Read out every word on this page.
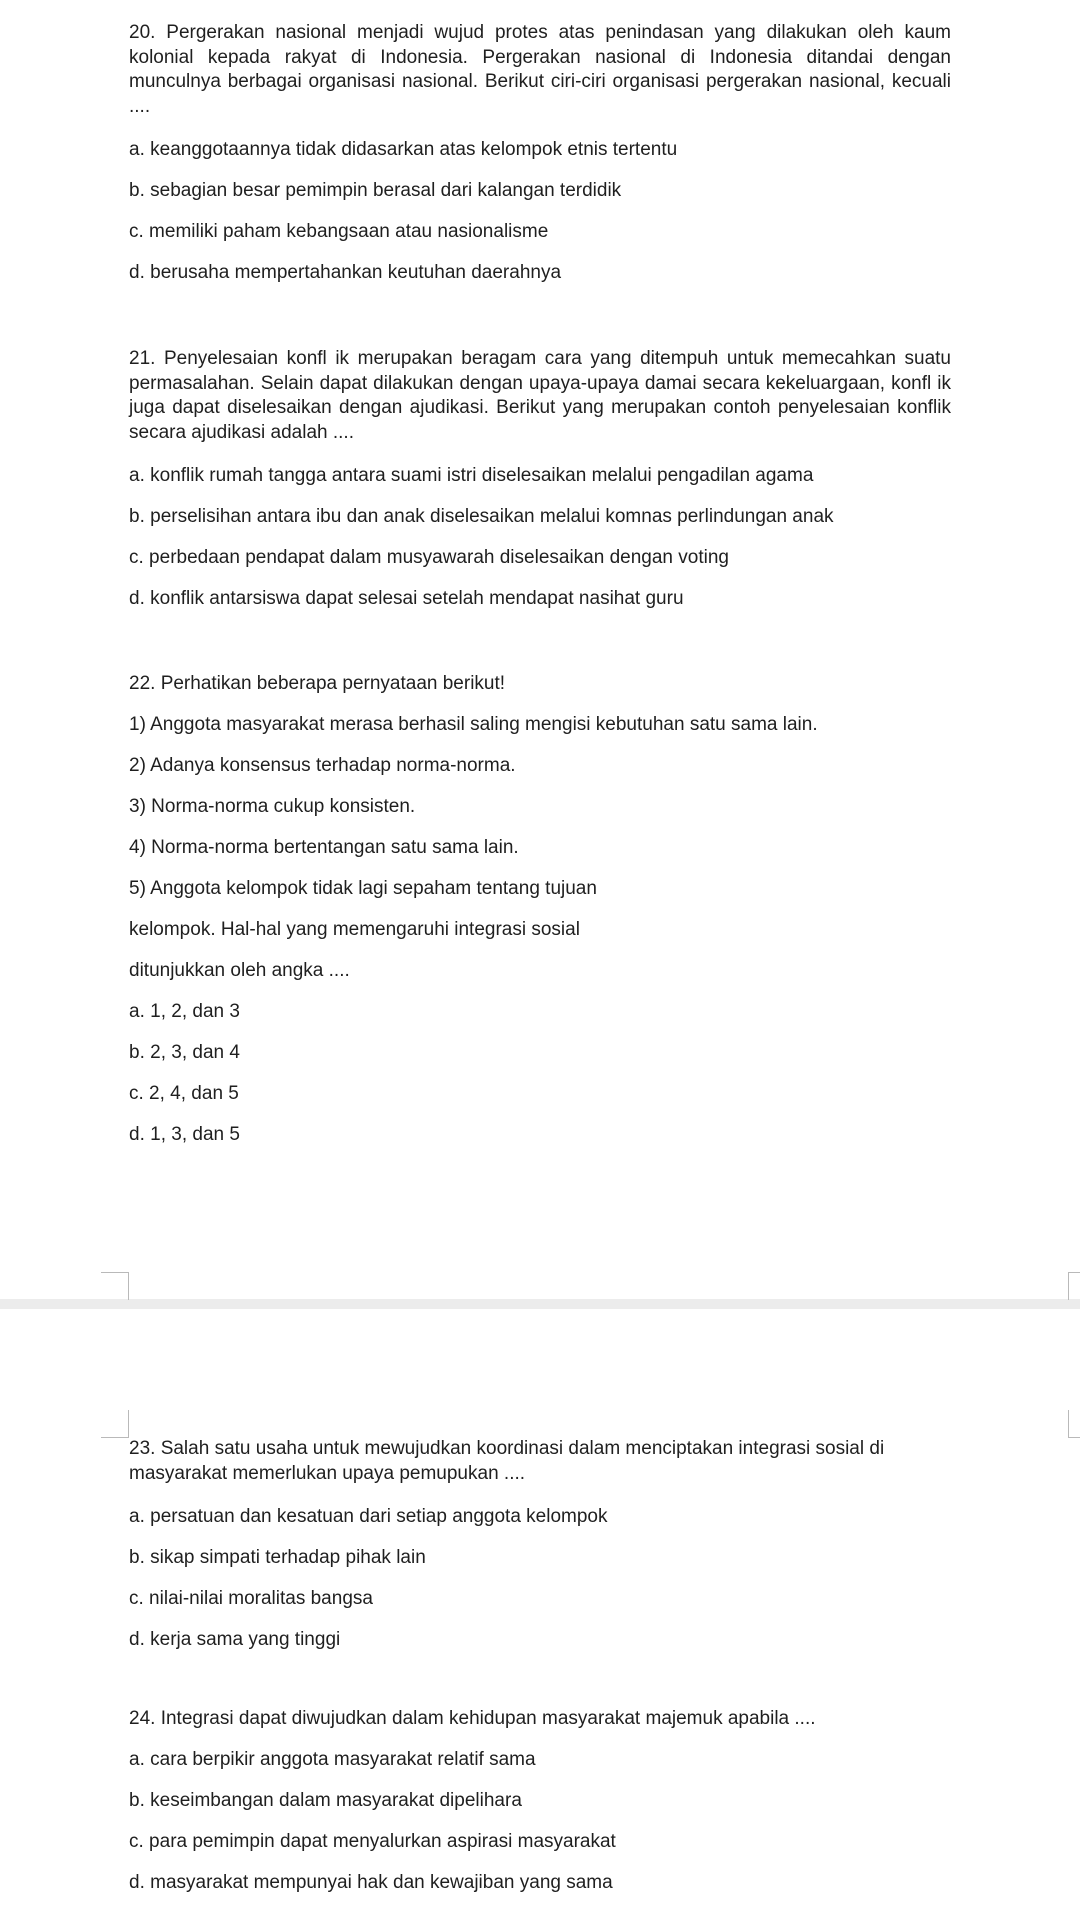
20. Pergerakan nasional menjadi wujud protes atas penindasan yang dilakukan oleh kaum kolonial kepada rakyat di Indonesia. Pergerakan nasional di Indonesia ditandai dengan munculnya berbagai organisasi nasional. Berikut ciri-ciri organisasi pergerakan nasional, kecuali ....

a. keanggotaannya tidak didasarkan atas kelompok etnis tertentu

b. sebagian besar pemimpin berasal dari kalangan terdidik

c. memiliki paham kebangsaan atau nasionalisme

d. berusaha mempertahankan keutuhan daerahnya

21. Penyelesaian konfl ik merupakan beragam cara yang ditempuh untuk memecahkan suatu permasalahan. Selain dapat dilakukan dengan upaya-upaya damai secara kekeluargaan, konfl ik juga dapat diselesaikan dengan ajudikasi. Berikut yang merupakan contoh penyelesaian konflik secara ajudikasi adalah ....

a. konflik rumah tangga antara suami istri diselesaikan melalui pengadilan agama

b. perselisihan antara ibu dan anak diselesaikan melalui komnas perlindungan anak

c. perbedaan pendapat dalam musyawarah diselesaikan dengan voting

d. konflik antarsiswa dapat selesai setelah mendapat nasihat guru

22. Perhatikan beberapa pernyataan berikut!

1) Anggota masyarakat merasa berhasil saling mengisi kebutuhan satu sama lain.

2) Adanya konsensus terhadap norma-norma.

3) Norma-norma cukup konsisten.

4) Norma-norma bertentangan satu sama lain.

5) Anggota kelompok tidak lagi sepaham tentang tujuan

kelompok. Hal-hal yang memengaruhi integrasi sosial

ditunjukkan oleh angka ....

a. 1, 2, dan 3

b. 2, 3, dan 4

c. 2, 4, dan 5

d. 1, 3, dan 5

23. Salah satu usaha untuk mewujudkan koordinasi dalam menciptakan integrasi sosial di masyarakat memerlukan upaya pemupukan ....

a. persatuan dan kesatuan dari setiap anggota kelompok

b. sikap simpati terhadap pihak lain

c. nilai-nilai moralitas bangsa

d. kerja sama yang tinggi

24. Integrasi dapat diwujudkan dalam kehidupan masyarakat majemuk apabila ....

a. cara berpikir anggota masyarakat relatif sama

b. keseimbangan dalam masyarakat dipelihara

c. para pemimpin dapat menyalurkan aspirasi masyarakat

d. masyarakat mempunyai hak dan kewajiban yang sama
